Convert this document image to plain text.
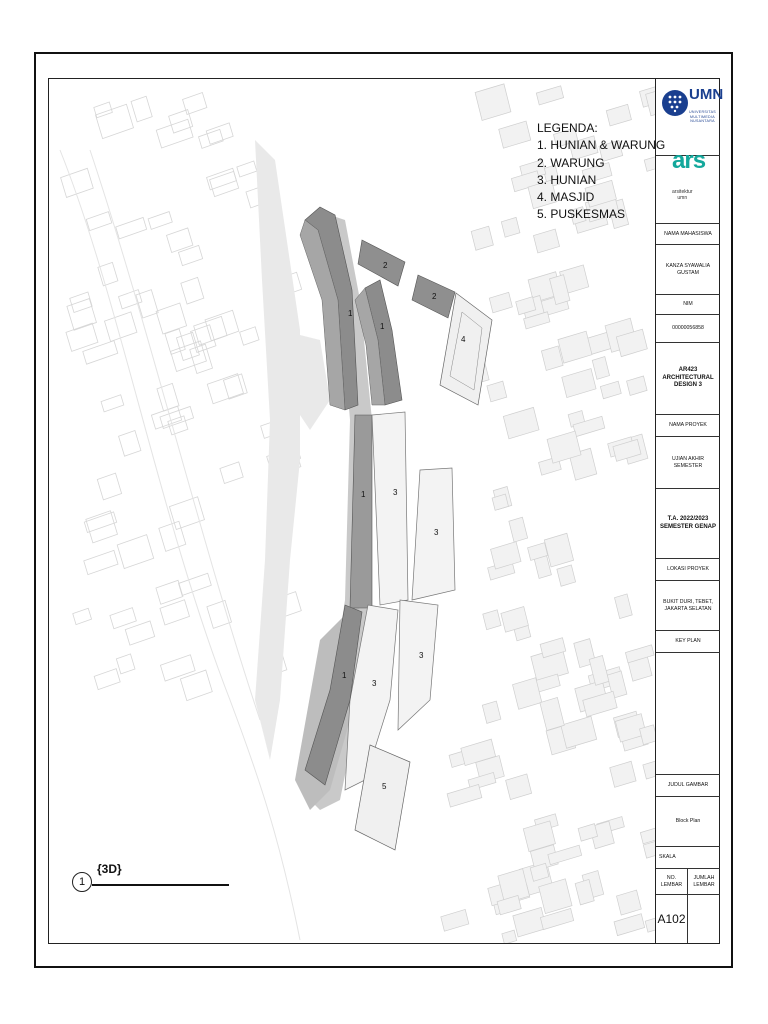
1
1
2
2
4
1	3
3
3
1
3
5
LEGENDA:
1. HUNIAN & WARUNG
2. WARUNG
3. HUNIAN
4. MASJID
5. PUSKESMAS
1
{3D}
UMN
UNIVERSITAS
MULTIMEDIA
NUSANTARA
ars
arsitektur
umn
NAMA MAHASISWA
KANZA SYAWALIA GUSTAM
NIM
00000056858
AR423 ARCHITECTURAL DESIGN 3
NAMA PROYEK
UJIAN AKHIR SEMESTER
T.A. 2022/2023 SEMESTER GENAP
LOKASI PROYEK
BUKIT DURI, TEBET, JAKARTA SELATAN
KEY PLAN
JUDUL GAMBAR
Block Plan
SKALA
NO. LEMBAR
JUMLAH LEMBAR
A102
